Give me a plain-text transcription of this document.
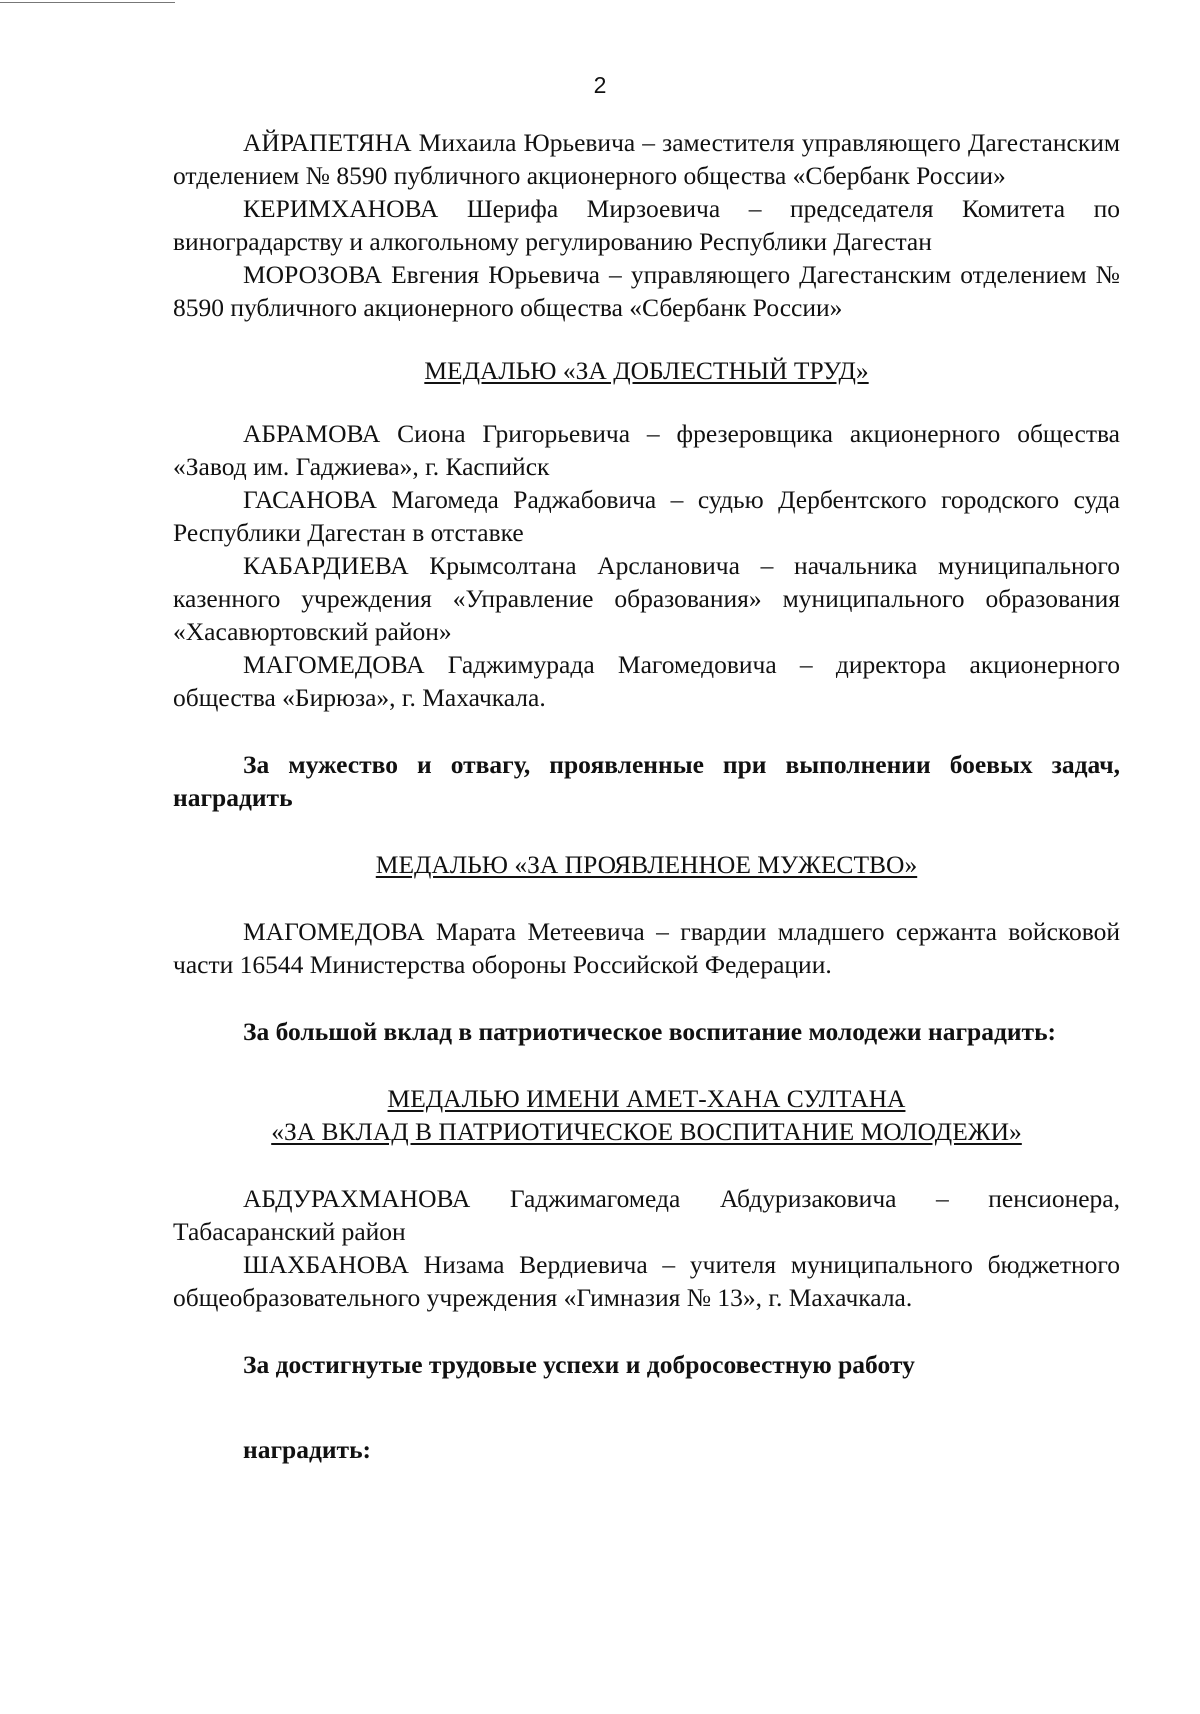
2

АЙРАПЕТЯНА Михаила Юрьевича – заместителя управляющего Дагестанским отделением № 8590 публичного акционерного общества «Сбербанк России»

КЕРИМХАНОВА Шерифа Мирзоевича – председателя Комитета по виноградарству и алкогольному регулированию Республики Дагестан

МОРОЗОВА Евгения Юрьевича – управляющего Дагестанским отделением № 8590 публичного акционерного общества «Сбербанк России»

МЕДАЛЬЮ «ЗА ДОБЛЕСТНЫЙ ТРУД»

АБРАМОВА Сиона Григорьевича – фрезеровщика акционерного общества «Завод им. Гаджиева», г. Каспийск

ГАСАНОВА Магомеда Раджабовича – судью Дербентского городского суда Республики Дагестан в отставке

КАБАРДИЕВА Крымсолтана Арслановича – начальника муниципального казенного учреждения «Управление образования» муниципального образования «Хасавюртовский район»

МАГОМЕДОВА Гаджимурада Магомедовича – директора акционерного общества «Бирюза», г. Махачкала.

За мужество и отвагу, проявленные при выполнении боевых задач, наградить

МЕДАЛЬЮ «ЗА ПРОЯВЛЕННОЕ МУЖЕСТВО»

МАГОМЕДОВА Марата Метеевича – гвардии младшего сержанта войсковой части 16544 Министерства обороны Российской Федерации.

За большой вклад в патриотическое воспитание молодежи наградить:

МЕДАЛЬЮ ИМЕНИ АМЕТ-ХАНА СУЛТАНА

«ЗА ВКЛАД В ПАТРИОТИЧЕСКОЕ ВОСПИТАНИЕ МОЛОДЕЖИ»

АБДУРАХМАНОВА Гаджимагомеда Абдуризаковича – пенсионера, Табасаранский район

ШАХБАНОВА Низама Вердиевича – учителя муниципального бюджетного общеобразовательного учреждения «Гимназия № 13», г. Махачкала.

За достигнутые трудовые успехи и добросовестную работу

наградить:
